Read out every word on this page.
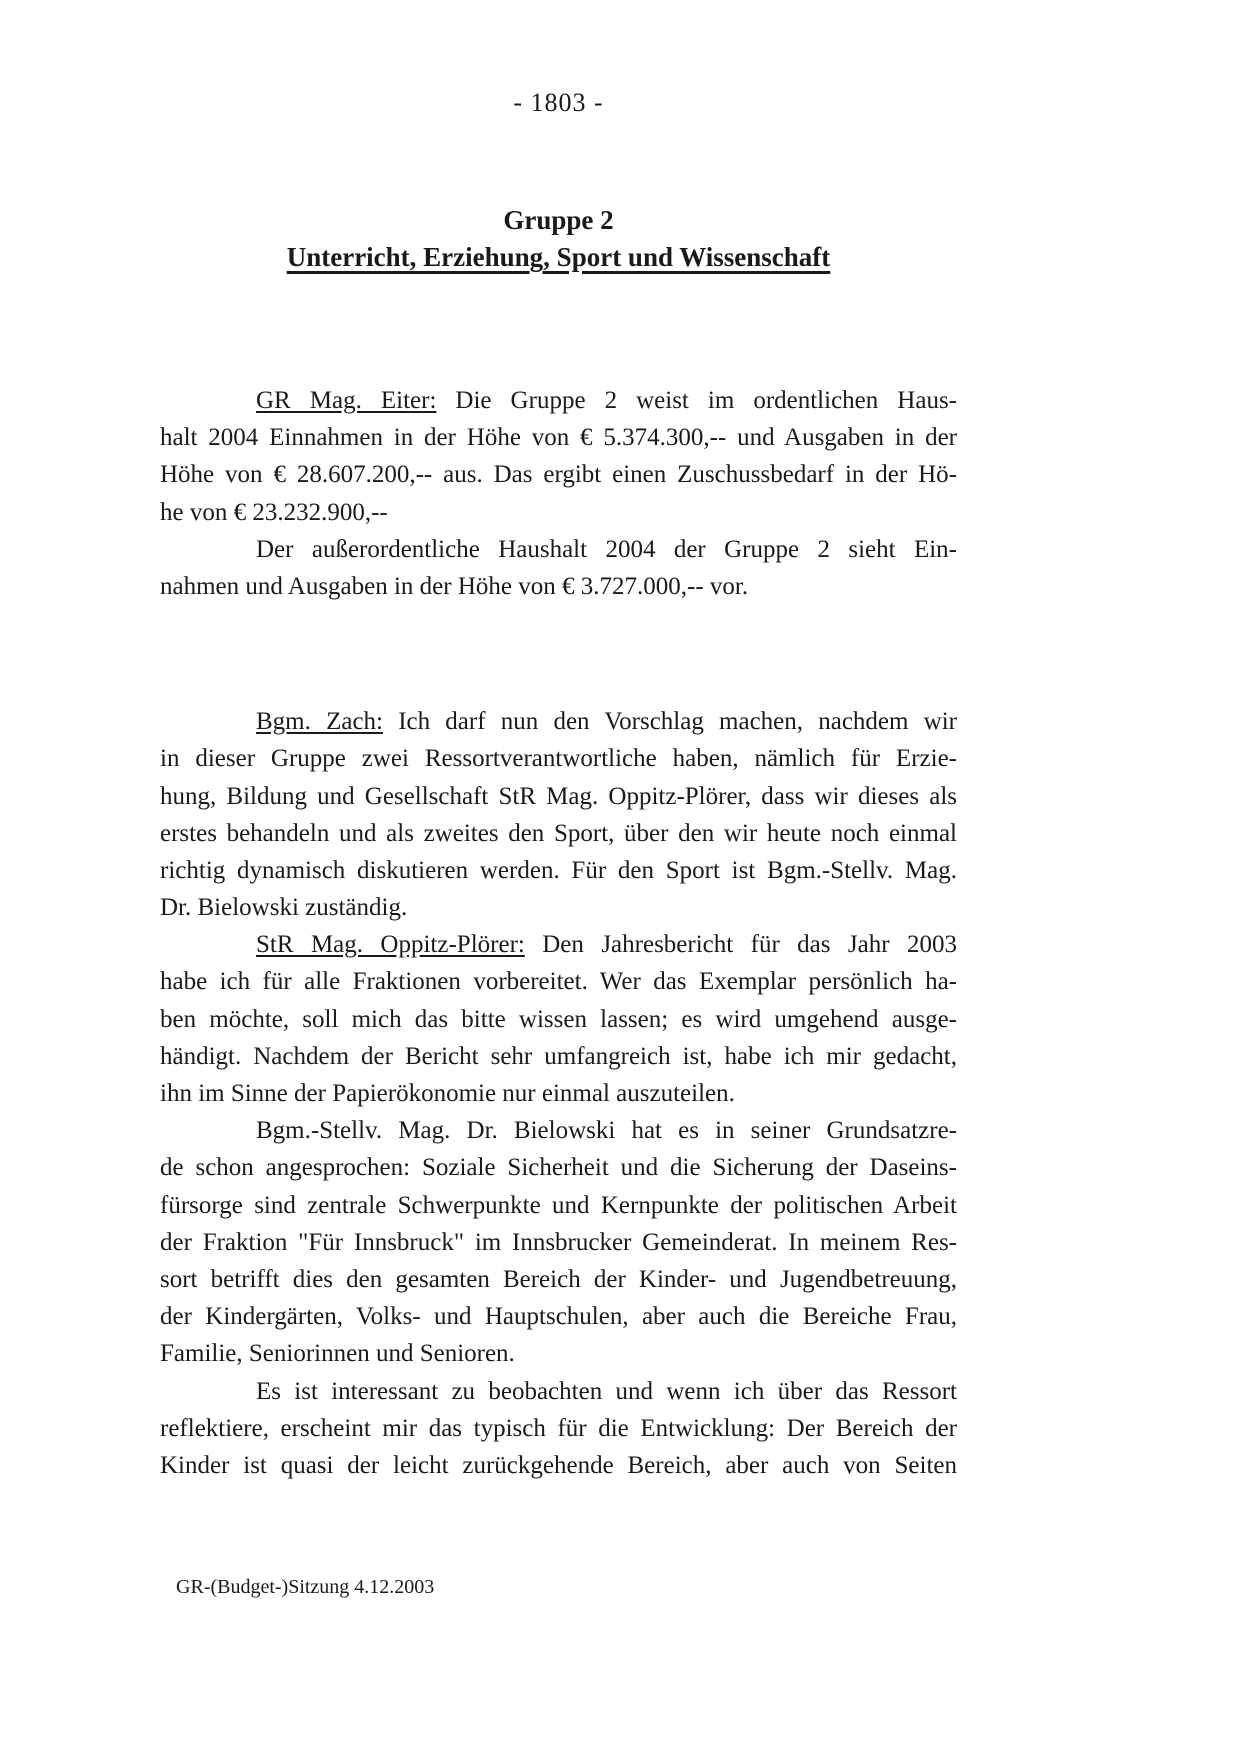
- 1803 -
Gruppe 2
Unterricht, Erziehung, Sport und Wissenschaft
GR Mag. Eiter: Die Gruppe 2 weist im ordentlichen Haus-
halt 2004 Einnahmen in der Höhe von € 5.374.300,-- und Ausgaben in der
Höhe von € 28.607.200,-- aus. Das ergibt einen Zuschussbedarf in der Hö-
he von € 23.232.900,--
Der außerordentliche Haushalt 2004 der Gruppe 2 sieht Ein-
nahmen und Ausgaben in der Höhe von € 3.727.000,-- vor.
Bgm. Zach: Ich darf nun den Vorschlag machen, nachdem wir
in dieser Gruppe zwei Ressortverantwortliche haben, nämlich für Erzie-
hung, Bildung und Gesellschaft StR Mag. Oppitz-Plörer, dass wir dieses als
erstes behandeln und als zweites den Sport, über den wir heute noch einmal
richtig dynamisch diskutieren werden. Für den Sport ist Bgm.-Stellv. Mag.
Dr. Bielowski zuständig.
StR Mag. Oppitz-Plörer: Den Jahresbericht für das Jahr 2003
habe ich für alle Fraktionen vorbereitet. Wer das Exemplar persönlich ha-
ben möchte, soll mich das bitte wissen lassen; es wird umgehend ausge-
händigt. Nachdem der Bericht sehr umfangreich ist, habe ich mir gedacht,
ihn im Sinne der Papierökonomie nur einmal auszuteilen.
Bgm.-Stellv. Mag. Dr. Bielowski hat es in seiner Grundsatzre-
de schon angesprochen: Soziale Sicherheit und die Sicherung der Daseins-
fürsorge sind zentrale Schwerpunkte und Kernpunkte der politischen Arbeit
der Fraktion "Für Innsbruck" im Innsbrucker Gemeinderat. In meinem Res-
sort betrifft dies den gesamten Bereich der Kinder- und Jugendbetreuung,
der Kindergärten, Volks- und Hauptschulen, aber auch die Bereiche Frau,
Familie, Seniorinnen und Senioren.
Es ist interessant zu beobachten und wenn ich über das Ressort
reflektiere, erscheint mir das typisch für die Entwicklung: Der Bereich der
Kinder ist quasi der leicht zurückgehende Bereich, aber auch von Seiten
GR-(Budget-)Sitzung 4.12.2003
